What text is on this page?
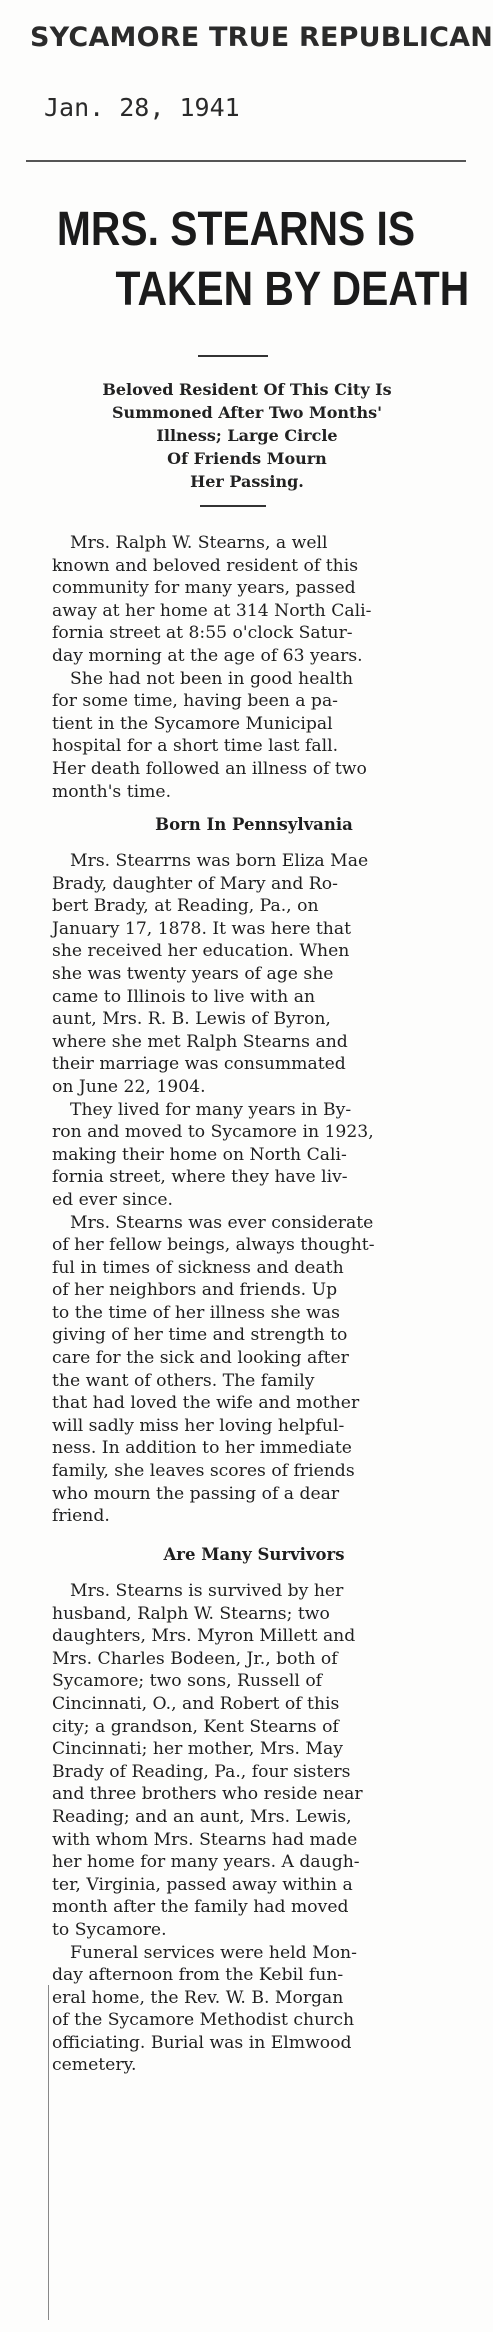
SYCAMORE TRUE REPUBLICAN
Jan. 28, 1941
MRS. STEARNS IS
TAKEN BY DEATH
Beloved Resident Of This City Is
Summoned After Two Months'
Illness; Large Circle
Of Friends Mourn
Her Passing.
Mrs. Ralph W. Stearns, a well
known and beloved resident of this
community for many years, passed
away at her home at 314 North Cali-
fornia street at 8:55 o'clock Satur-
day morning at the age of 63 years.
She had not been in good health
for some time, having been a pa-
tient in the Sycamore Municipal
hospital for a short time last fall.
Her death followed an illness of two
month's time.
Born In Pennsylvania
Mrs. Stearrns was born Eliza Mae
Brady, daughter of Mary and Ro-
bert Brady, at Reading, Pa., on
January 17, 1878. It was here that
she received her education. When
she was twenty years of age she
came to Illinois to live with an
aunt, Mrs. R. B. Lewis of Byron,
where she met Ralph Stearns and
their marriage was consummated
on June 22, 1904.
They lived for many years in By-
ron and moved to Sycamore in 1923,
making their home on North Cali-
fornia street, where they have liv-
ed ever since.
Mrs. Stearns was ever considerate
of her fellow beings, always thought-
ful in times of sickness and death
of her neighbors and friends. Up
to the time of her illness she was
giving of her time and strength to
care for the sick and looking after
the want of others. The family
that had loved the wife and mother
will sadly miss her loving helpful-
ness. In addition to her immediate
family, she leaves scores of friends
who mourn the passing of a dear
friend.
Are Many Survivors
Mrs. Stearns is survived by her
husband, Ralph W. Stearns; two
daughters, Mrs. Myron Millett and
Mrs. Charles Bodeen, Jr., both of
Sycamore; two sons, Russell of
Cincinnati, O., and Robert of this
city; a grandson, Kent Stearns of
Cincinnati; her mother, Mrs. May
Brady of Reading, Pa., four sisters
and three brothers who reside near
Reading; and an aunt, Mrs. Lewis,
with whom Mrs. Stearns had made
her home for many years. A daugh-
ter, Virginia, passed away within a
month after the family had moved
to Sycamore.
Funeral services were held Mon-
day afternoon from the Kebil fun-
eral home, the Rev. W. B. Morgan
of the Sycamore Methodist church
officiating. Burial was in Elmwood
cemetery.
